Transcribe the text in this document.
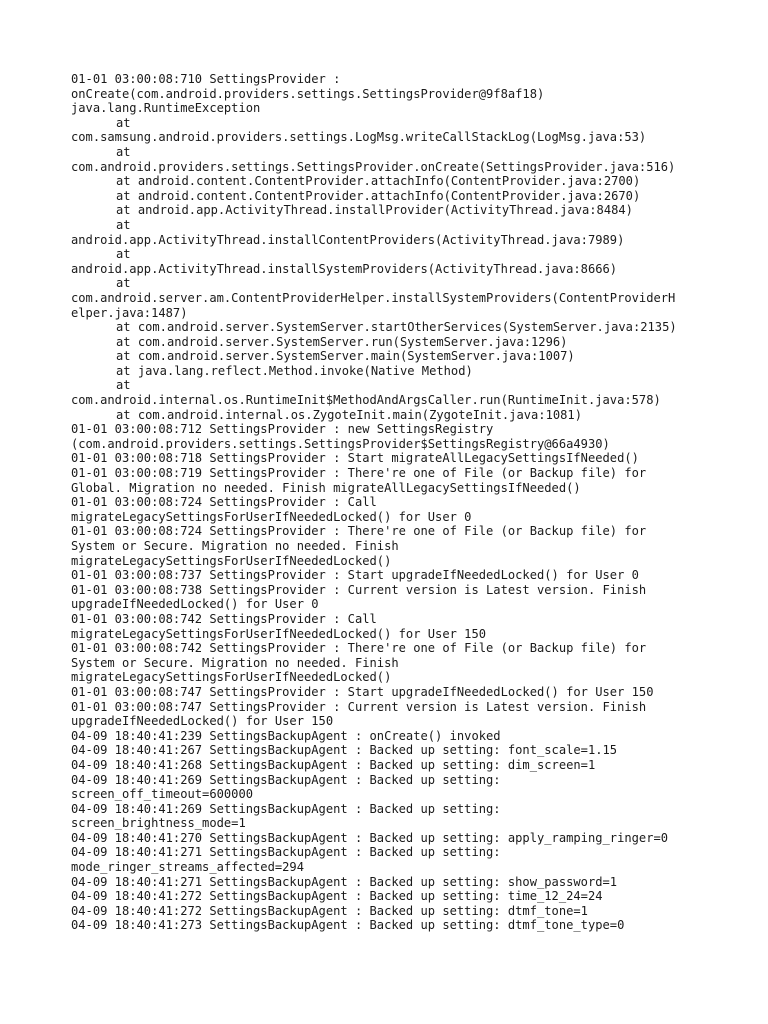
01-01 03:00:08:710 SettingsProvider :
onCreate(com.android.providers.settings.SettingsProvider@9f8af18)
java.lang.RuntimeException
at
com.samsung.android.providers.settings.LogMsg.writeCallStackLog(LogMsg.java:53)
at
com.android.providers.settings.SettingsProvider.onCreate(SettingsProvider.java:516)
at android.content.ContentProvider.attachInfo(ContentProvider.java:2700)
at android.content.ContentProvider.attachInfo(ContentProvider.java:2670)
at android.app.ActivityThread.installProvider(ActivityThread.java:8484)
at
android.app.ActivityThread.installContentProviders(ActivityThread.java:7989)
at
android.app.ActivityThread.installSystemProviders(ActivityThread.java:8666)
at
com.android.server.am.ContentProviderHelper.installSystemProviders(ContentProviderH
elper.java:1487)
at com.android.server.SystemServer.startOtherServices(SystemServer.java:2135)
at com.android.server.SystemServer.run(SystemServer.java:1296)
at com.android.server.SystemServer.main(SystemServer.java:1007)
at java.lang.reflect.Method.invoke(Native Method)
at
com.android.internal.os.RuntimeInit$MethodAndArgsCaller.run(RuntimeInit.java:578)
at com.android.internal.os.ZygoteInit.main(ZygoteInit.java:1081)
01-01 03:00:08:712 SettingsProvider : new SettingsRegistry
(com.android.providers.settings.SettingsProvider$SettingsRegistry@66a4930)
01-01 03:00:08:718 SettingsProvider : Start migrateAllLegacySettingsIfNeeded()
01-01 03:00:08:719 SettingsProvider : There're one of File (or Backup file) for
Global. Migration no needed. Finish migrateAllLegacySettingsIfNeeded()
01-01 03:00:08:724 SettingsProvider : Call
migrateLegacySettingsForUserIfNeededLocked() for User 0
01-01 03:00:08:724 SettingsProvider : There're one of File (or Backup file) for
System or Secure. Migration no needed. Finish
migrateLegacySettingsForUserIfNeededLocked()
01-01 03:00:08:737 SettingsProvider : Start upgradeIfNeededLocked() for User 0
01-01 03:00:08:738 SettingsProvider : Current version is Latest version. Finish
upgradeIfNeededLocked() for User 0
01-01 03:00:08:742 SettingsProvider : Call
migrateLegacySettingsForUserIfNeededLocked() for User 150
01-01 03:00:08:742 SettingsProvider : There're one of File (or Backup file) for
System or Secure. Migration no needed. Finish
migrateLegacySettingsForUserIfNeededLocked()
01-01 03:00:08:747 SettingsProvider : Start upgradeIfNeededLocked() for User 150
01-01 03:00:08:747 SettingsProvider : Current version is Latest version. Finish
upgradeIfNeededLocked() for User 150
04-09 18:40:41:239 SettingsBackupAgent : onCreate() invoked
04-09 18:40:41:267 SettingsBackupAgent : Backed up setting: font_scale=1.15
04-09 18:40:41:268 SettingsBackupAgent : Backed up setting: dim_screen=1
04-09 18:40:41:269 SettingsBackupAgent : Backed up setting:
screen_off_timeout=600000
04-09 18:40:41:269 SettingsBackupAgent : Backed up setting:
screen_brightness_mode=1
04-09 18:40:41:270 SettingsBackupAgent : Backed up setting: apply_ramping_ringer=0
04-09 18:40:41:271 SettingsBackupAgent : Backed up setting:
mode_ringer_streams_affected=294
04-09 18:40:41:271 SettingsBackupAgent : Backed up setting: show_password=1
04-09 18:40:41:272 SettingsBackupAgent : Backed up setting: time_12_24=24
04-09 18:40:41:272 SettingsBackupAgent : Backed up setting: dtmf_tone=1
04-09 18:40:41:273 SettingsBackupAgent : Backed up setting: dtmf_tone_type=0
